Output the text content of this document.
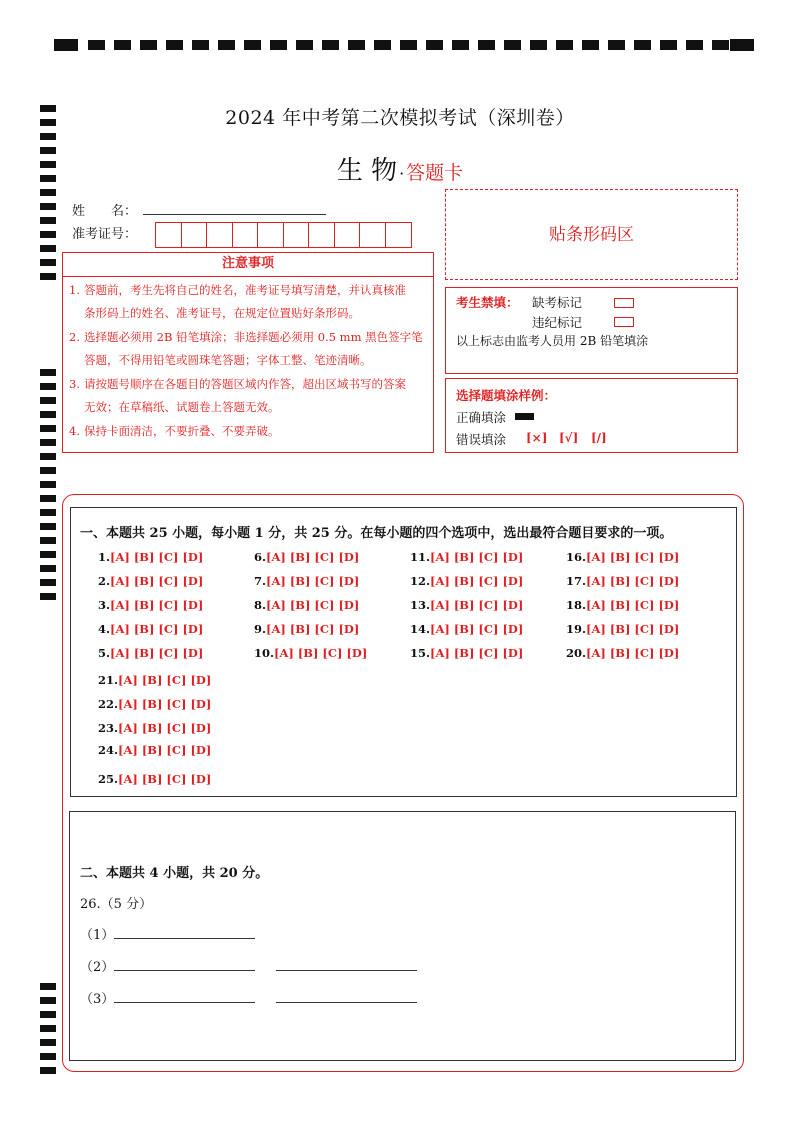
2024 年中考第二次模拟考试（深圳卷）
生 物 · 答题卡
姓　　名：
准考证号：
注意事项
1. 答题前，考生先将自己的姓名，准考证号填写清楚，并认真核准
条形码上的姓名、准考证号，在规定位置贴好条形码。
2. 选择题必须用 2B 铅笔填涂；非选择题必须用 0.5 mm 黑色签字笔
答题，不得用铅笔或圆珠笔答题；字体工整、笔迹清晰。
3. 请按题号顺序在各题目的答题区域内作答，超出区域书写的答案
无效；在草稿纸、试题卷上答题无效。
4. 保持卡面清洁，不要折叠、不要弄破。
贴条形码区
考生禁填： 缺考标记
违纪标记
以上标志由监考人员用 2B 铅笔填涂
选择题填涂样例：
正确填涂
错误填涂 [×] [√] [/]
一、本题共 25 小题，每小题 1 分，共 25 分。在每小题的四个选项中，选出最符合题目要求的一项。
1.[A] [B] [C] [D]
2.[A] [B] [C] [D]
3.[A] [B] [C] [D]
4.[A] [B] [C] [D]
5.[A] [B] [C] [D]
6.[A] [B] [C] [D]
7.[A] [B] [C] [D]
8.[A] [B] [C] [D]
9.[A] [B] [C] [D]
10.[A] [B] [C] [D]
11.[A] [B] [C] [D]
12.[A] [B] [C] [D]
13.[A] [B] [C] [D]
14.[A] [B] [C] [D]
15.[A] [B] [C] [D]
16.[A] [B] [C] [D]
17.[A] [B] [C] [D]
18.[A] [B] [C] [D]
19.[A] [B] [C] [D]
20.[A] [B] [C] [D]
21.[A] [B] [C] [D]
22.[A] [B] [C] [D]
23.[A] [B] [C] [D]
24.[A] [B] [C] [D]
25.[A] [B] [C] [D]
二、本题共 4 小题，共 20 分。
26.（5 分）
（1）
（2）
（3）
